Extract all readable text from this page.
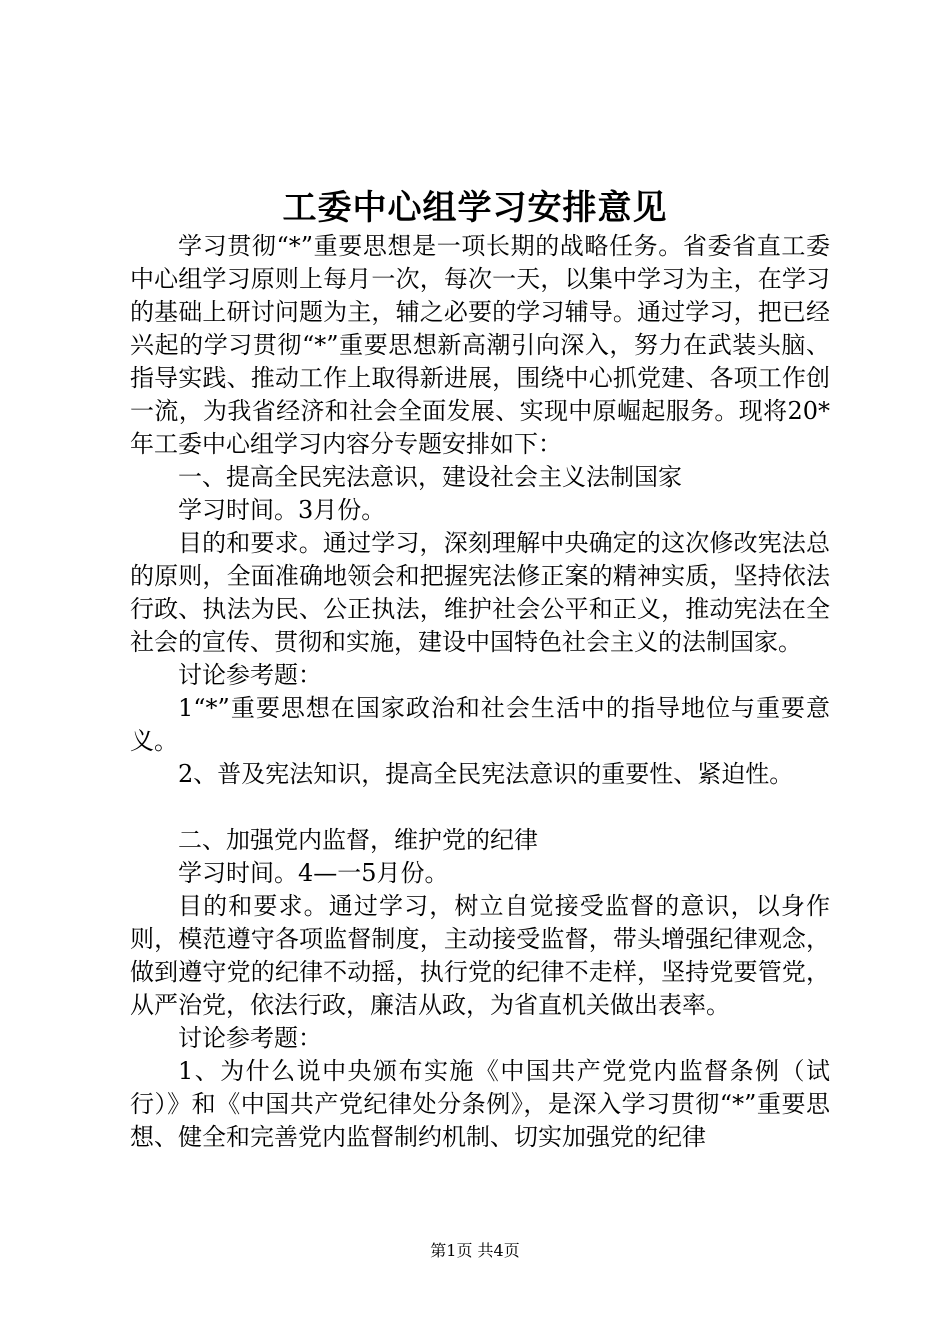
工委中心组学习安排意见

学习贯彻“*”重要思想是一项长期的战略任务。省委省直工委中心组学习原则上每月一次，每次一天，以集中学习为主，在学习的基础上研讨问题为主，辅之必要的学习辅导。通过学习，把已经兴起的学习贯彻“*”重要思想新高潮引向深入，努力在武装头脑、指导实践、推动工作上取得新进展，围绕中心抓党建、各项工作创一流，为我省经济和社会全面发展、实现中原崛起服务。现将20*年工委中心组学习内容分专题安排如下：

一、提高全民宪法意识，建设社会主义法制国家

学习时间。3月份。

目的和要求。通过学习，深刻理解中央确定的这次修改宪法总的原则，全面准确地领会和把握宪法修正案的精神实质，坚持依法行政、执法为民、公正执法，维护社会公平和正义，推动宪法在全社会的宣传、贯彻和实施，建设中国特色社会主义的法制国家。

讨论参考题：

1“*”重要思想在国家政治和社会生活中的指导地位与重要意义。

2、普及宪法知识，提高全民宪法意识的重要性、紧迫性。

二、加强党内监督，维护党的纪律

学习时间。4—一5月份。

目的和要求。通过学习，树立自觉接受监督的意识，以身作则，模范遵守各项监督制度，主动接受监督，带头增强纪律观念，做到遵守党的纪律不动摇，执行党的纪律不走样，坚持党要管党，从严治党，依法行政，廉洁从政，为省直机关做出表率。

讨论参考题：

1、为什么说中央颁布实施《中国共产党党内监督条例（试行）》和《中国共产党纪律处分条例》，是深入学习贯彻“*”重要思想、健全和完善党内监督制约机制、切实加强党的纪律

第1页 共4页
